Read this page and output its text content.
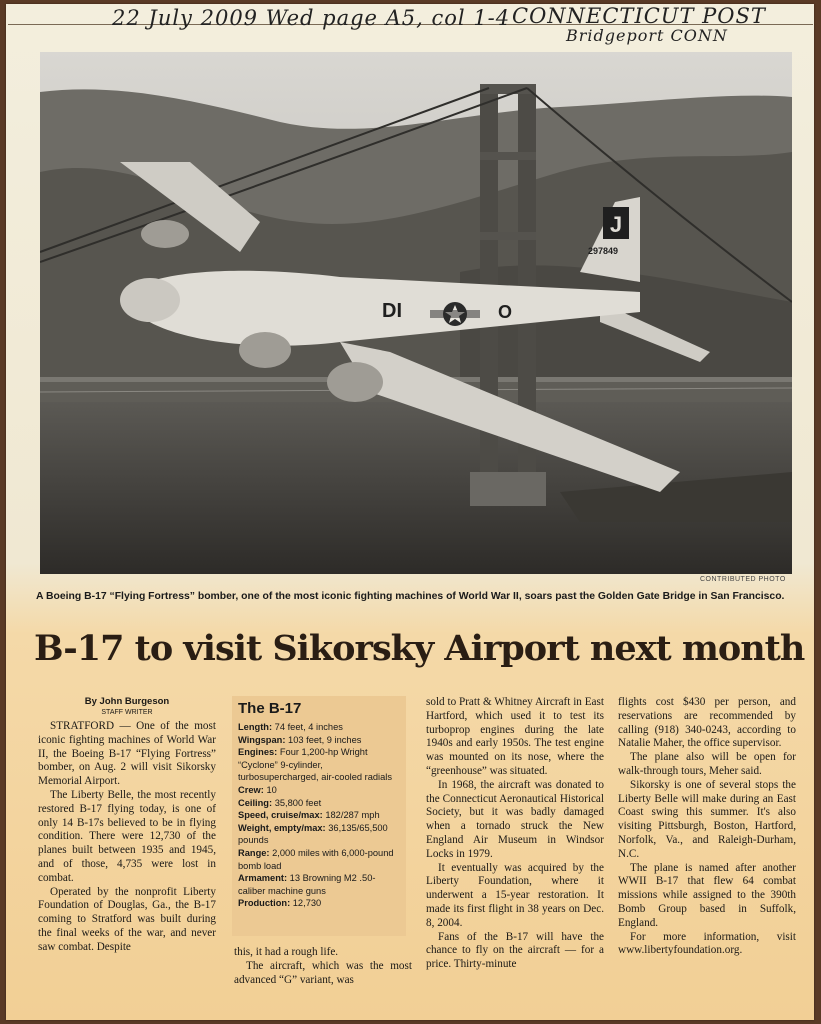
22 July 2009 Wed page A5, col 1-4 CONNECTICUT POST
Bridgeport CONN
J
297849
DI	O
CONTRIBUTED PHOTO
A Boeing B-17 “Flying Fortress” bomber, one of the most iconic fighting machines of World War II, soars past the Golden Gate Bridge in San Francisco.
B-17 to visit Sikorsky Airport next month
By John Burgeson
STAFF WRITER

STRATFORD — One of the most iconic fighting machines of World War II, the Boeing B-17 “Flying Fortress” bomber, on Aug. 2 will visit Sikorsky Memorial Airport.

The Liberty Belle, the most recently restored B-17 flying today, is one of only 14 B-17s believed to be in flying condition. There were 12,730 of the planes built between 1935 and 1945, and of those, 4,735 were lost in combat.

Operated by the nonprofit Liberty Foundation of Douglas, Ga., the B-17 coming to Stratford was built during the final weeks of the war, and never saw combat. Despite

The B-17
Length: 74 feet, 4 inches
Wingspan: 103 feet, 9 inches
Engines: Four 1,200-hp Wright “Cyclone” 9-cylinder, turbosupercharged, air-cooled radials
Crew: 10
Ceiling: 35,800 feet
Speed, cruise/max: 182/287 mph
Weight, empty/max: 36,135/65,500 pounds
Range: 2,000 miles with 6,000-pound bomb load
Armament: 13 Browning M2 .50-caliber machine guns
Production: 12,730

this, it had a rough life.

The aircraft, which was the most advanced “G” variant, was

sold to Pratt & Whitney Aircraft in East Hartford, which used it to test its turboprop engines during the late 1940s and early 1950s. The test engine was mounted on its nose, where the “greenhouse” was situated.

In 1968, the aircraft was donated to the Connecticut Aeronautical Historical Society, but it was badly damaged when a tornado struck the New England Air Museum in Windsor Locks in 1979.

It eventually was acquired by the Liberty Foundation, where it underwent a 15-year restoration. It made its first flight in 38 years on Dec. 8, 2004.

Fans of the B-17 will have the chance to fly on the aircraft — for a price. Thirty-minute

flights cost $430 per person, and reservations are recommended by calling (918) 340-0243, according to Natalie Maher, the office supervisor.

The plane also will be open for walk-through tours, Meher said.

Sikorsky is one of several stops the Liberty Belle will make during an East Coast swing this summer. It's also visiting Pittsburgh, Boston, Hartford, Norfolk, Va., and Raleigh-Durham, N.C.

The plane is named after another WWII B-17 that flew 64 combat missions while assigned to the 390th Bomb Group based in Suffolk, England.

For more information, visit www.libertyfoundation.org.
